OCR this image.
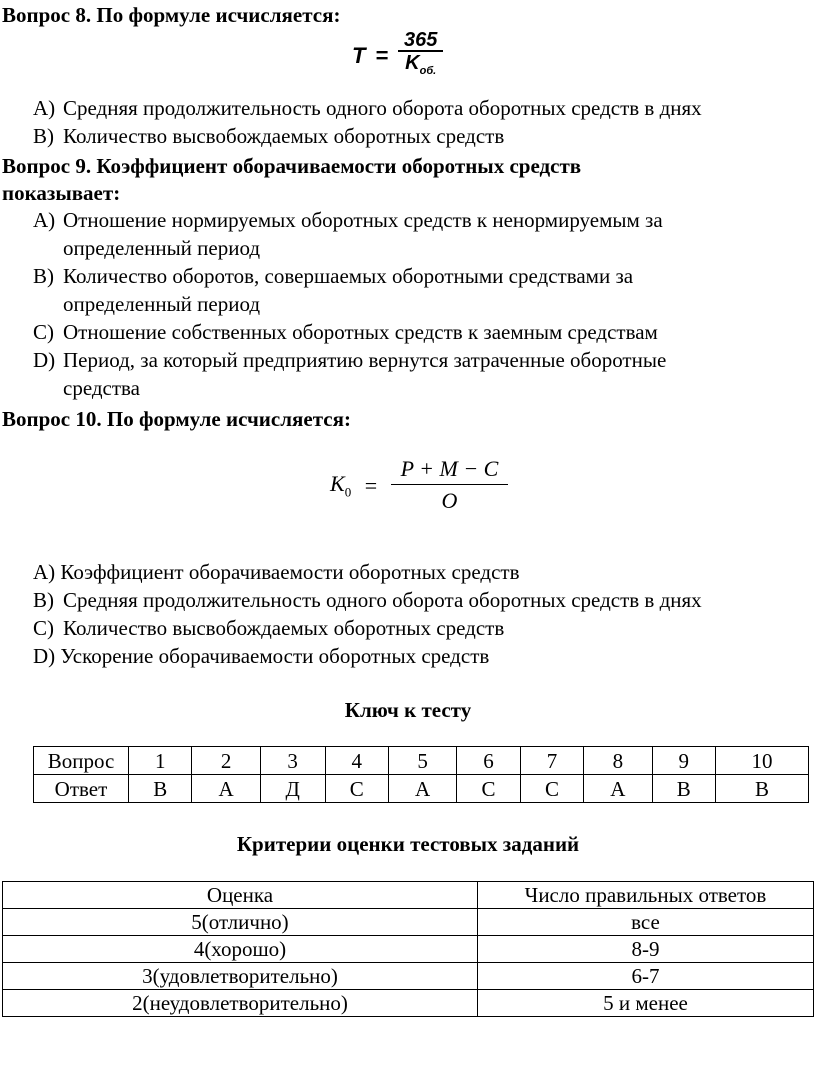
Вопрос 8. По формуле исчисляется:
$T = \frac{365}{K_{об.}}$
А) Средняя продолжительность одного оборота оборотных средств в днях
В) Количество высвобождаемых оборотных средств
Вопрос 9. Коэффициент оборачиваемости оборотных средств
показывает:
А) Отношение нормируемых оборотных средств к ненормируемым за
определенный период
В) Количество оборотов, совершаемых оборотными средствами за
определенный период
С) Отношение собственных оборотных средств к заемным средствам
D) Период, за который предприятию вернутся затраченные оборотные
средства
Вопрос 10. По формуле исчисляется:
$K_0 = \frac{P + M - C}{O}$
А) Коэффициент оборачиваемости оборотных средств
В) Средняя продолжительность одного оборота оборотных средств в днях
С) Количество высвобождаемых оборотных средств
D) Ускорение оборачиваемости оборотных средств
Ключ к тесту
Вопрос	1	2	3	4	5	6	7	8	9	10
Ответ	В	А	Д	С	А	С	С	А	В	В
Критерии оценки тестовых заданий
Оценка	Число правильных ответов
5(отлично)	все
4(хорошо)	8-9
3(удовлетворительно)	6-7
2(неудовлетворительно)	5 и менее
